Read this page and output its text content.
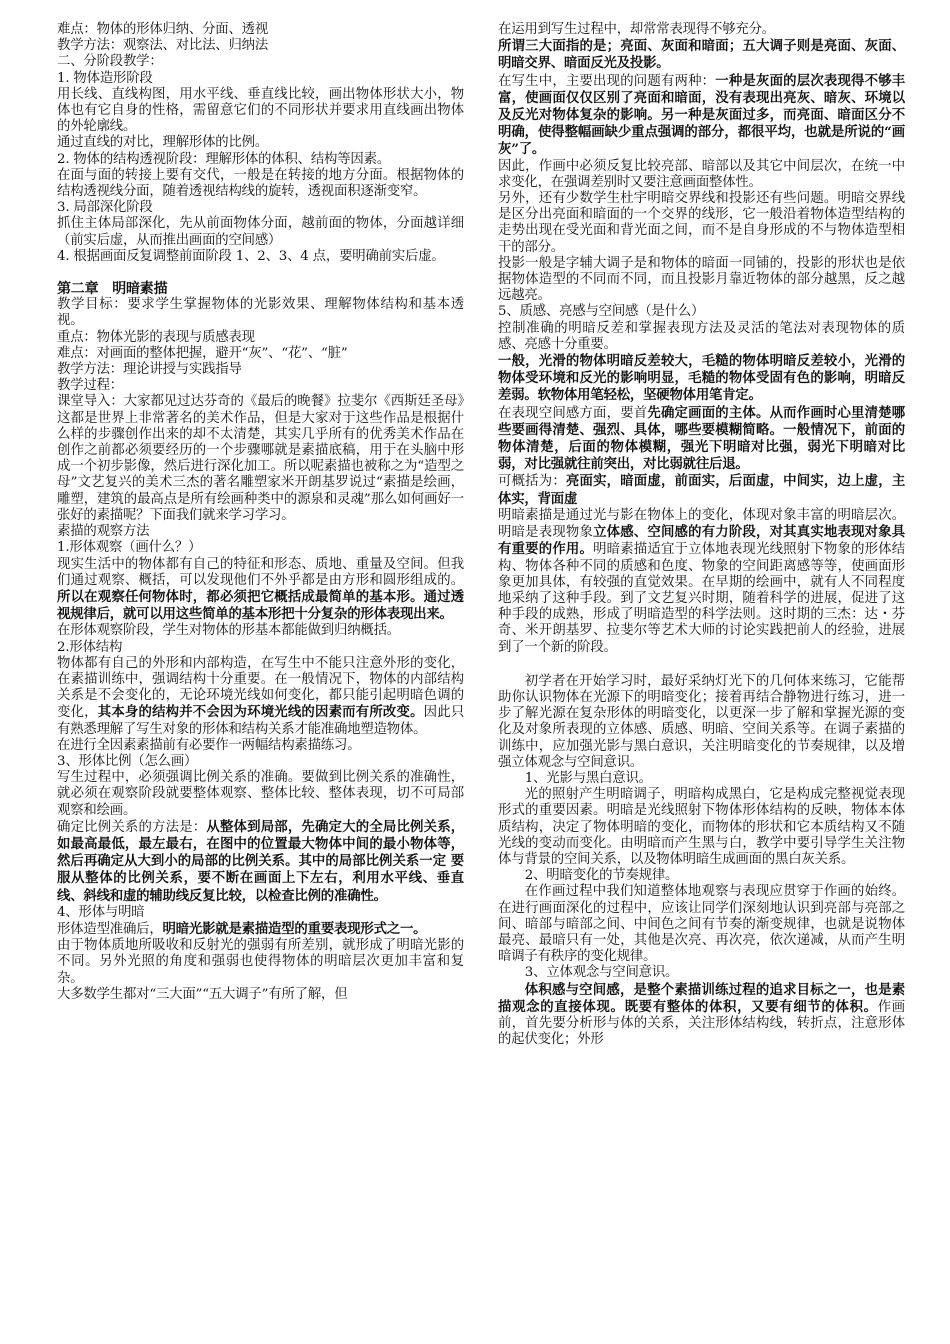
难点：物体的形体归纳、分面、透视

教学方法：观察法、对比法、归纳法

二、分阶段教学：

1. 物体造形阶段

用长线、直线构图，用水平线、垂直线比较，画出物体形状大小，物体也有它自身的性格，需留意它们的不同形状并要求用直线画出物体的外轮廓线。

通过直线的对比，理解形体的比例。

2. 物体的结构透视阶段：理解形体的体积、结构等因素。

在面与面的转接上要有交代，一般是在转接的地方分面。根据物体的结构透视线分面，随着透视结构线的旋转，透视面积逐渐变窄。

3. 局部深化阶段

抓住主体局部深化，先从前面物体分面，越前面的物体，分面越详细（前实后虚，从而推出画面的空间感）

4. 根据画面反复调整前面阶段 1、2、3、4 点，要明确前实后虚。

第二章　明暗素描

教学目标：要求学生掌握物体的光影效果、理解物体结构和基本透视。

重点：物体光影的表现与质感表现

难点：对画面的整体把握，避开“灰”、“花”、“脏”

教学方法：理论讲授与实践指导

教学过程：

课堂导入：大家都见过达芬奇的《最后的晚餐》拉斐尔《西斯廷圣母》这都是世界上非常著名的美术作品，但是大家对于这些作品是根据什么样的步骤创作出来的却不太清楚，其实几乎所有的优秀美术作品在创作之前都必须要经历的一个步骤哪就是素描底稿，用于在头脑中形成一个初步影像，然后进行深化加工。所以呢素描也被称之为“造型之母”文艺复兴的美术三杰的著名雕塑家米开朗基罗说过“素描是绘画，雕塑，建筑的最高点是所有绘画种类中的源泉和灵魂”那么如何画好一张好的素描呢？下面我们就来学习学习。

素描的观察方法

1.形体观察（画什么？）

现实生活中的物体都有自己的特征和形态、质地、重量及空间。但我们通过观察、概括，可以发现他们不外乎都是由方形和圆形组成的。所以在观察任何物体时，都必须把它概括成最简单的基本形。通过透视规律后，就可以用这些简单的基本形把十分复杂的形体表现出来。

在形体观察阶段，学生对物体的形基本都能做到归纳概括。

2.形体结构

物体都有自己的外形和内部构造，在写生中不能只注意外形的变化，在素描训练中，强调结构十分重要。在一般情况下，物体的内部结构关系是不会变化的，无论环境光线如何变化，都只能引起明暗色调的变化，其本身的结构并不会因为环境光线的因素而有所改变。因此只有熟悉理解了写生对象的形体和结构关系才能准确地塑造物体。

在进行全因素素描前有必要作一两幅结构素描练习。

3、形体比例（怎么画）

写生过程中，必须强调比例关系的准确。要做到比例关系的准确性，就必须在观察阶段就要整体观察、整体比较、整体表现，切不可局部观察和绘画。

确定比例关系的方法是：从整体到局部，先确定大的全局比例关系，如最高最低，最左最右，在图中的位置最大物体中间的最小物体等，然后再确定从大到小的局部的比例关系。其中的局部比例关系一定 要服从整体的比例关系，要不断在画面上下左右，利用水平线、垂直线、斜线和虚的辅助线反复比较，以检查比例的准确性。

4、形体与明暗

形体造型准确后，明暗光影就是素描造型的重要表现形式之一。

由于物体质地所吸收和反射光的强弱有所差别，就形成了明暗光影的不同。另外光照的角度和强弱也使得物体的明暗层次更加丰富和复杂。

大多数学生都对“三大面”“五大调子”有所了解，但

在运用到写生过程中，却常常表现得不够充分。

所谓三大面指的是；亮面、灰面和暗面；五大调子则是亮面、灰面、明暗交界、暗面反光及投影。

在写生中，主要出现的问题有两种：一种是灰面的层次表现得不够丰富，使画面仅仅区别了亮面和暗面，没有表现出亮灰、暗灰、环境以及反光对物体复杂的影响。另一种是灰面过多，而亮面、暗面区分不明确，使得整幅画缺少重点强调的部分，都很平均，也就是所说的“画灰”了。

因此，作画中必须反复比较亮部、暗部以及其它中间层次，在统一中求变化，在强调差别时又要注意画面整体性。

另外，还有少数学生杜宇明暗交界线和投影还有些问题。明暗交界线是区分出亮面和暗面的一个交界的线形，它一般沿着物体造型结构的走势出现在受光面和背光面之间，而不是自身形成的不与物体造型相干的部分。

投影一般是字辅大调子是和物体的暗面一同铺的，投影的形状也是依据物体造型的不同而不同，而且投影月靠近物体的部分越黑，反之越远越亮。

5、质感、亮感与空间感（是什么）

控制准确的明暗反差和掌握表现方法及灵活的笔法对表现物体的质感、亮感十分重要。

一般，光滑的物体明暗反差较大，毛糙的物体明暗反差较小，光滑的物体受环境和反光的影响明显，毛糙的物体受固有色的影响，明暗反差弱。软物体用笔轻松，坚硬物体用笔肯定。

在表现空间感方面，要首先确定画面的主体。从而作画时心里清楚哪些要画得清楚、强烈、具体，哪些要模糊简略。一般情况下，前面的物体清楚，后面的物体模糊，强光下明暗对比强，弱光下明暗对比弱，对比强就往前突出，对比弱就往后退。

可概括为：亮面实，暗面虚，前面实，后面虚，中间实，边上虚，主体实，背面虚

明暗素描是通过光与影在物体上的变化，体现对象丰富的明暗层次。明暗是表现物象立体感、空间感的有力阶段，对其真实地表现对象具有重要的作用。明暗素描适宜于立体地表现光线照射下物象的形体结构、物体各种不同的质感和色度、物象的空间距离感等等，使画面形象更加具体，有较强的直觉效果。在早期的绘画中，就有人不同程度地采纳了这种手段。到了文艺复兴时期，随着科学的进展，促进了这种手段的成熟，形成了明暗造型的科学法则。这时期的三杰：达・芬奇、米开朗基罗、拉斐尔等艺术大师的讨论实践把前人的经验，进展到了一个新的阶段。

初学者在开始学习时，最好采纳灯光下的几何体来练习，它能帮助你认识物体在光源下的明暗变化；接着再结合静物进行练习，进一步了解光源在复杂形体的明暗变化，以更深一步了解和掌握光源的变化及对象所表现的立体感、质感、明暗、空间关系等。在调子素描的训练中，应加强光影与黑白意识，关注明暗变化的节奏规律，以及增强立体观念与空间意识。

1、光影与黑白意识。

光的照射产生明暗调子，明暗构成黑白，它是构成完整视觉表现形式的重要因素。明暗是光线照射下物体形体结构的反映，物体本体质结构，决定了物体明暗的变化，而物体的形状和它本质结构又不随光线的变动而变化。由明暗而产生黑与白，教学中要引导学生关注物体与背景的空间关系，以及物体明暗生成画面的黑白灰关系。

2、明暗变化的节奏规律。

在作画过程中我们知道整体地观察与表现应贯穿于作画的始终。在进行画面深化的过程中，应该让同学们深刻地认识到亮部与亮部之间、暗部与暗部之间、中间色之间有节奏的渐变规律，也就是说物体最亮、最暗只有一处，其他是次亮、再次亮，依次递减，从而产生明暗调子有秩序的变化规律。

3、立体观念与空间意识。

体积感与空间感，是整个素描训练过程的追求目标之一，也是素描观念的直接体现。既要有整体的体积，又要有细节的体积。作画前，首先要分析形与体的关系，关注形体结构线，转折点，注意形体的起伏变化；外形
